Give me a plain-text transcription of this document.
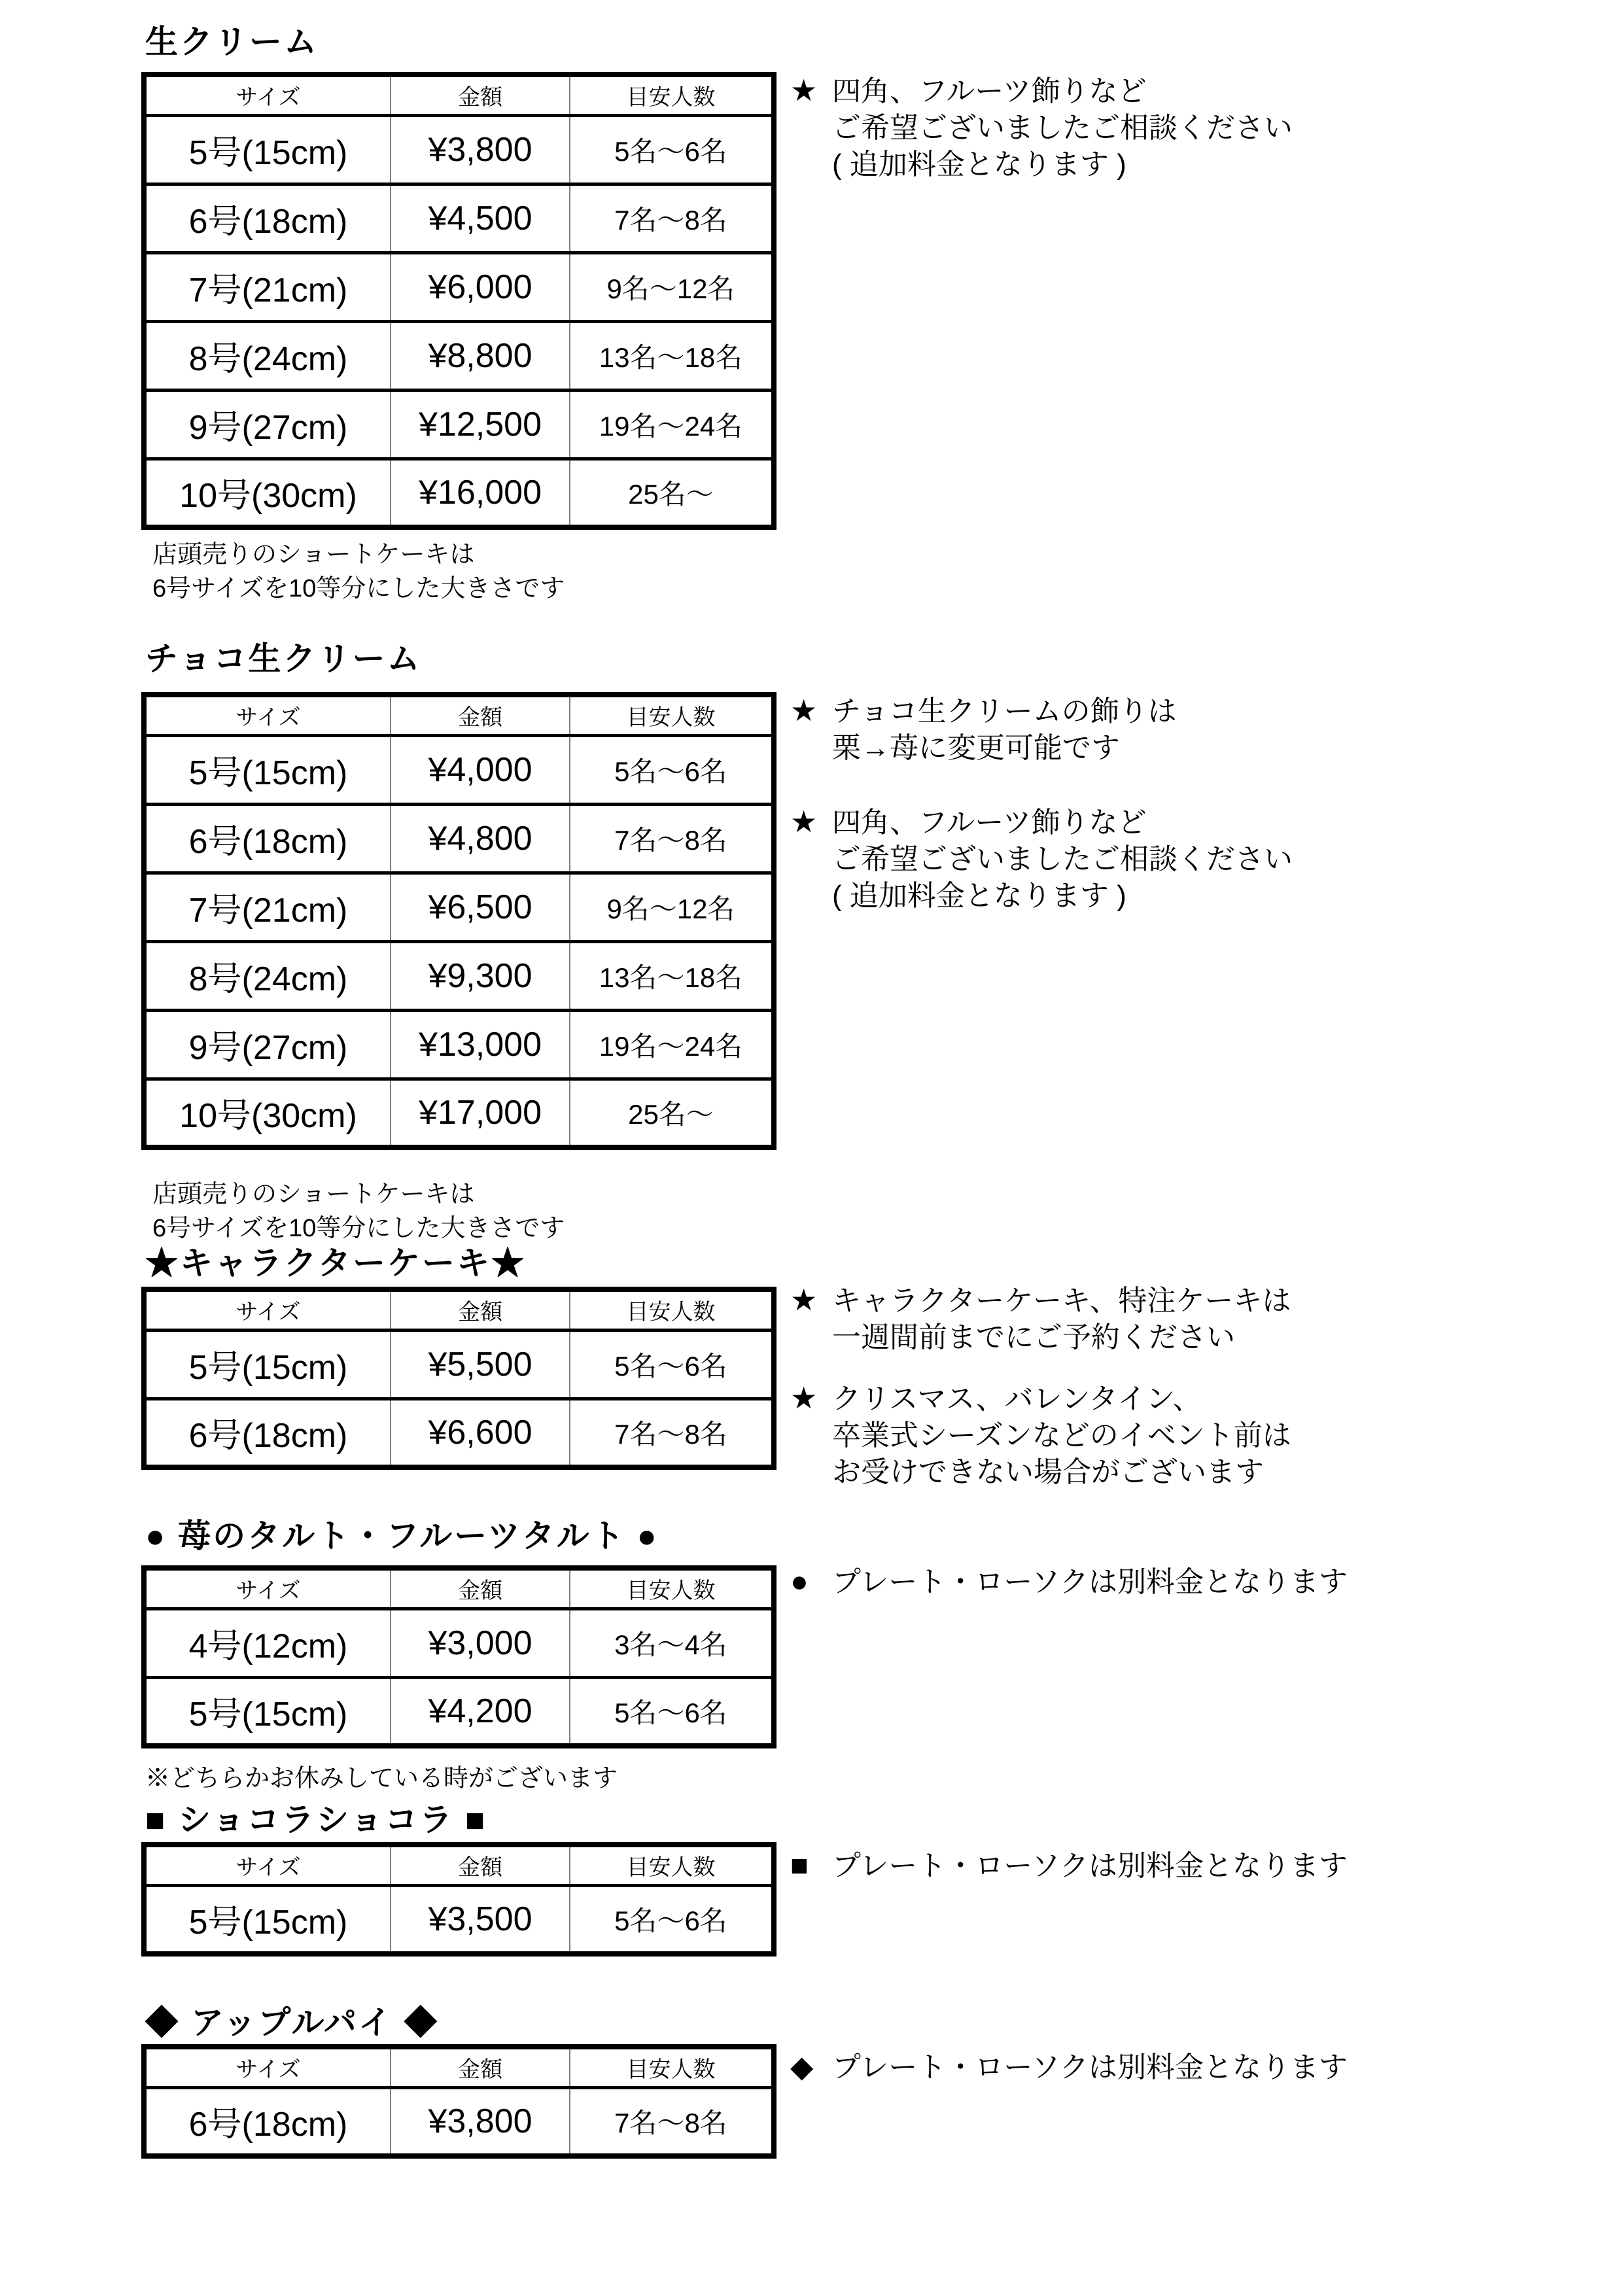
生クリーム
サイズ	金額	目安人数
5号(15cm)	¥3,800	5名〜6名
6号(18cm)	¥4,500	7名〜8名
7号(21cm)	¥6,000	9名〜12名
8号(24cm)	¥8,800	13名〜18名
9号(27cm)	¥12,500	19名〜24名
10号(30cm)	¥16,000	25名〜
★ 四角、フルーツ飾りなど
ご希望ございましたご相談ください
( 追加料金となります )
店頭売りのショートケーキは
6号サイズを10等分にした大きさです
チョコ生クリーム
サイズ	金額	目安人数
5号(15cm)	¥4,000	5名〜6名
6号(18cm)	¥4,800	7名〜8名
7号(21cm)	¥6,500	9名〜12名
8号(24cm)	¥9,300	13名〜18名
9号(27cm)	¥13,000	19名〜24名
10号(30cm)	¥17,000	25名〜
★ チョコ生クリームの飾りは
栗→苺に変更可能です
★ 四角、フルーツ飾りなど
ご希望ございましたご相談ください
( 追加料金となります )
店頭売りのショートケーキは
6号サイズを10等分にした大きさです
★キャラクターケーキ★
サイズ	金額	目安人数
5号(15cm)	¥5,500	5名〜6名
6号(18cm)	¥6,600	7名〜8名
★ キャラクターケーキ、特注ケーキは
一週間前までにご予約ください
★ クリスマス、バレンタイン、
卒業式シーズンなどのイベント前は
お受けできない場合がございます
● 苺のタルト・フルーツタルト ●
サイズ	金額	目安人数
4号(12cm)	¥3,000	3名〜4名
5号(15cm)	¥4,200	5名〜6名
● プレート・ローソクは別料金となります
※どちらかお休みしている時がございます
■ ショコラショコラ ■
サイズ	金額	目安人数
5号(15cm)	¥3,500	5名〜6名
■ プレート・ローソクは別料金となります
◆ アップルパイ ◆
サイズ	金額	目安人数
6号(18cm)	¥3,800	7名〜8名
◆ プレート・ローソクは別料金となります
